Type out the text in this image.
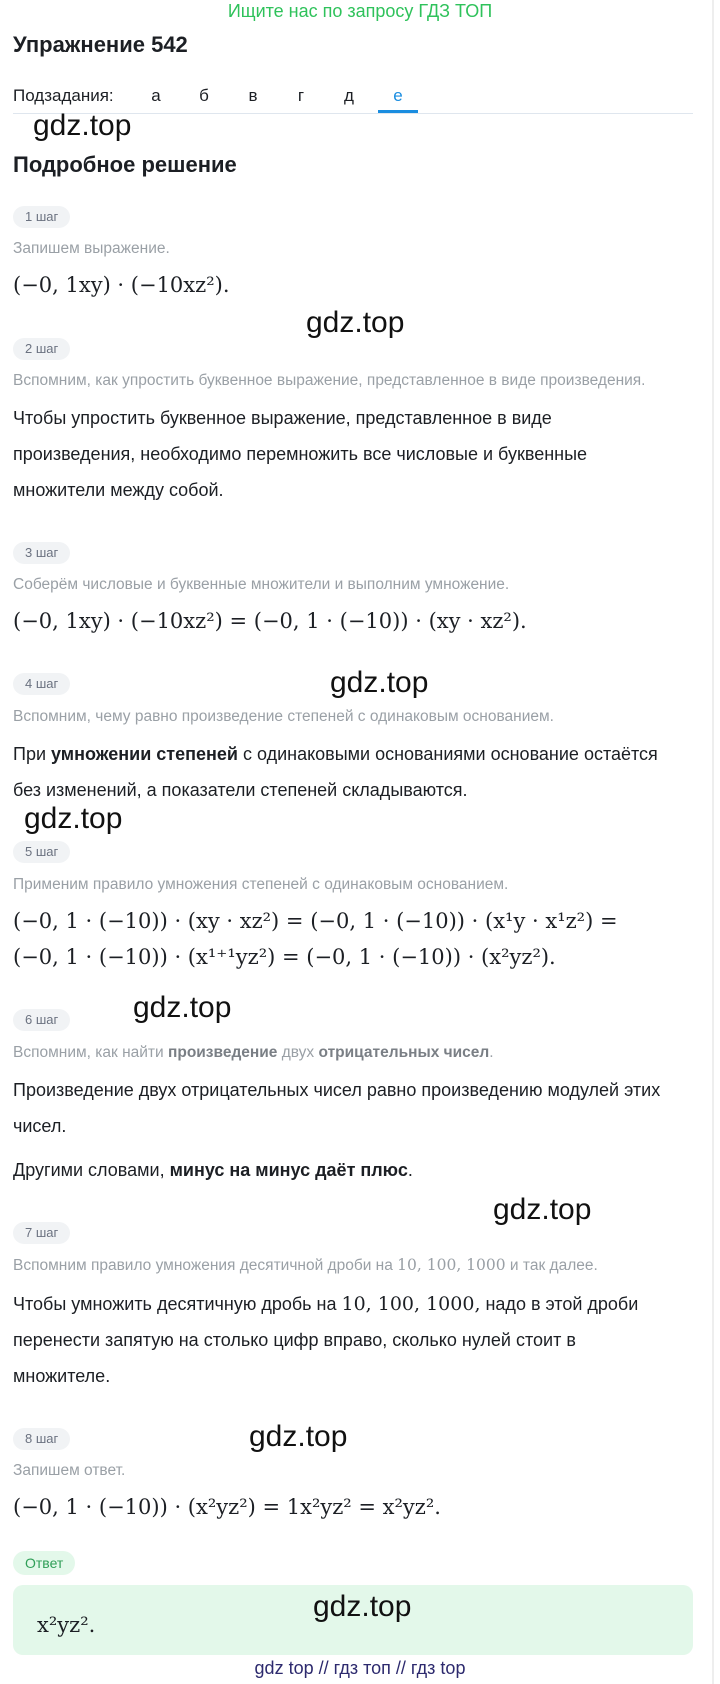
Ищите нас по запросу ГДЗ ТОП
Упражнение 542
Подзадания:	а	б	в	г	д	е
gdz.top
Подробное решение
1 шаг
Запишем выражение.
(−0, 1xy) · (−10xz²).
gdz.top
2 шаг
Вспомним, как упростить буквенное выражение, представленное в виде произведения.
Чтобы упростить буквенное выражение, представленное в виде
произведения, необходимо перемножить все числовые и буквенные
множители между собой.
3 шаг
Соберём числовые и буквенные множители и выполним умножение.
(−0, 1xy) · (−10xz²) = (−0, 1 · (−10)) · (xy · xz²).
gdz.top
4 шаг
Вспомним, чему равно произведение степеней с одинаковым основанием.
При умножении степеней с одинаковыми основаниями основание остаётся
без изменений, а показатели степеней складываются.
gdz.top
5 шаг
Применим правило умножения степеней с одинаковым основанием.
(−0, 1 · (−10)) · (xy · xz²) = (−0, 1 · (−10)) · (x¹y · x¹z²) =
(−0, 1 · (−10)) · (x¹⁺¹yz²) = (−0, 1 · (−10)) · (x²yz²).
gdz.top
6 шаг
Вспомним, как найти произведение двух отрицательных чисел.
Произведение двух отрицательных чисел равно произведению модулей этих
чисел.
Другими словами, минус на минус даёт плюс.
gdz.top
7 шаг
Вспомним правило умножения десятичной дроби на 10, 100, 1000 и так далее.
Чтобы умножить десятичную дробь на 10, 100, 1000, надо в этой дроби
перенести запятую на столько цифр вправо, сколько нулей стоит в
множителе.
gdz.top
8 шаг
Запишем ответ.
(−0, 1 · (−10)) · (x²yz²) = 1x²yz² = x²yz².
Ответ
gdz.top
x²yz².
gdz top // гдз топ // гдз top
